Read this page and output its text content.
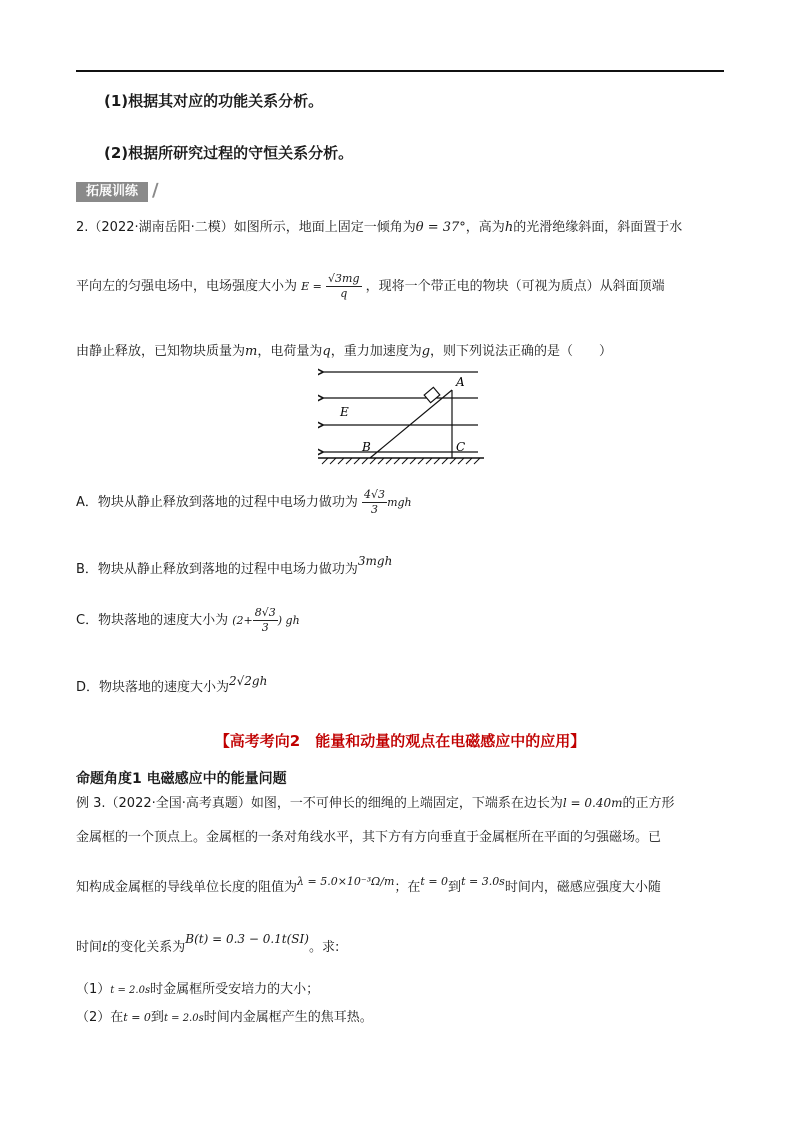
(1)根据其对应的功能关系分析。
(2)根据所研究过程的守恒关系分析。
拓展训练 ∕
2.（2022·湖南岳阳·二模）如图所示，地面上固定一倾角为θ = 37°，高为h的光滑绝缘斜面，斜面置于水
平向左的匀强电场中，电场强度大小为 $E = \frac{√3mg}{q}$ ，现将一个带正电的物块（可视为质点）从斜面顶端
由静止释放，已知物块质量为m，电荷量为q，重力加速度为g，则下列说法正确的是（　　）
A
B	C
E
A．物块从静止释放到落地的过程中电场力做功为 $\frac{4√3}{3}$ mgh
B．物块从静止释放到落地的过程中电场力做功为3mgh
C．物块落地的速度大小为 ($2+ \frac{8√3}{3}$ ) gh
D．物块落地的速度大小为2√2gh
【高考考向2　能量和动量的观点在电磁感应中的应用】
命题角度1 电磁感应中的能量问题
例 3.（2022·全国·高考真题）如图，一不可伸长的细绳的上端固定，下端系在边长为l = 0.40m的正方形
金属框的一个顶点上。金属框的一条对角线水平，其下方有方向垂直于金属框所在平面的匀强磁场。已
知构成金属框的导线单位长度的阻值为$^{\lambda = 5.0\times 10^{-3}\Omega/m}$；在$^{t = 0}$到$^{t = 3.0s}$时间内，磁感应强度大小随
时间t的变化关系为B(t) = 0.3 − 0.1t(SI)。求:
（1）t = 2.0s时金属框所受安培力的大小；
（2）在t = 0到t = 2.0s时间内金属框产生的焦耳热。
